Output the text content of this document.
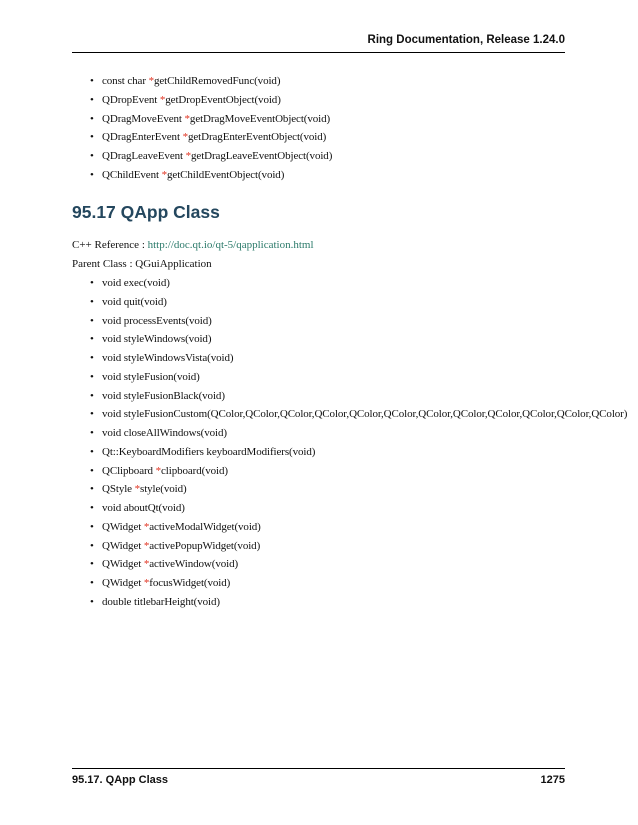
Ring Documentation, Release 1.24.0
• const char *getChildRemovedFunc(void)
• QDropEvent *getDropEventObject(void)
• QDragMoveEvent *getDragMoveEventObject(void)
• QDragEnterEvent *getDragEnterEventObject(void)
• QDragLeaveEvent *getDragLeaveEventObject(void)
• QChildEvent *getChildEventObject(void)
95.17 QApp Class
C++ Reference : http://doc.qt.io/qt-5/qapplication.html
Parent Class : QGuiApplication
• void exec(void)
• void quit(void)
• void processEvents(void)
• void styleWindows(void)
• void styleWindowsVista(void)
• void styleFusion(void)
• void styleFusionBlack(void)
• void styleFusionCustom(QColor,QColor,QColor,QColor,QColor,QColor,QColor,QColor,QColor,QColor,QColor,QColor)
• void closeAllWindows(void)
• Qt::KeyboardModifiers keyboardModifiers(void)
• QClipboard *clipboard(void)
• QStyle *style(void)
• void aboutQt(void)
• QWidget *activeModalWidget(void)
• QWidget *activePopupWidget(void)
• QWidget *activeWindow(void)
• QWidget *focusWidget(void)
• double titlebarHeight(void)
95.17. QApp Class	1275
